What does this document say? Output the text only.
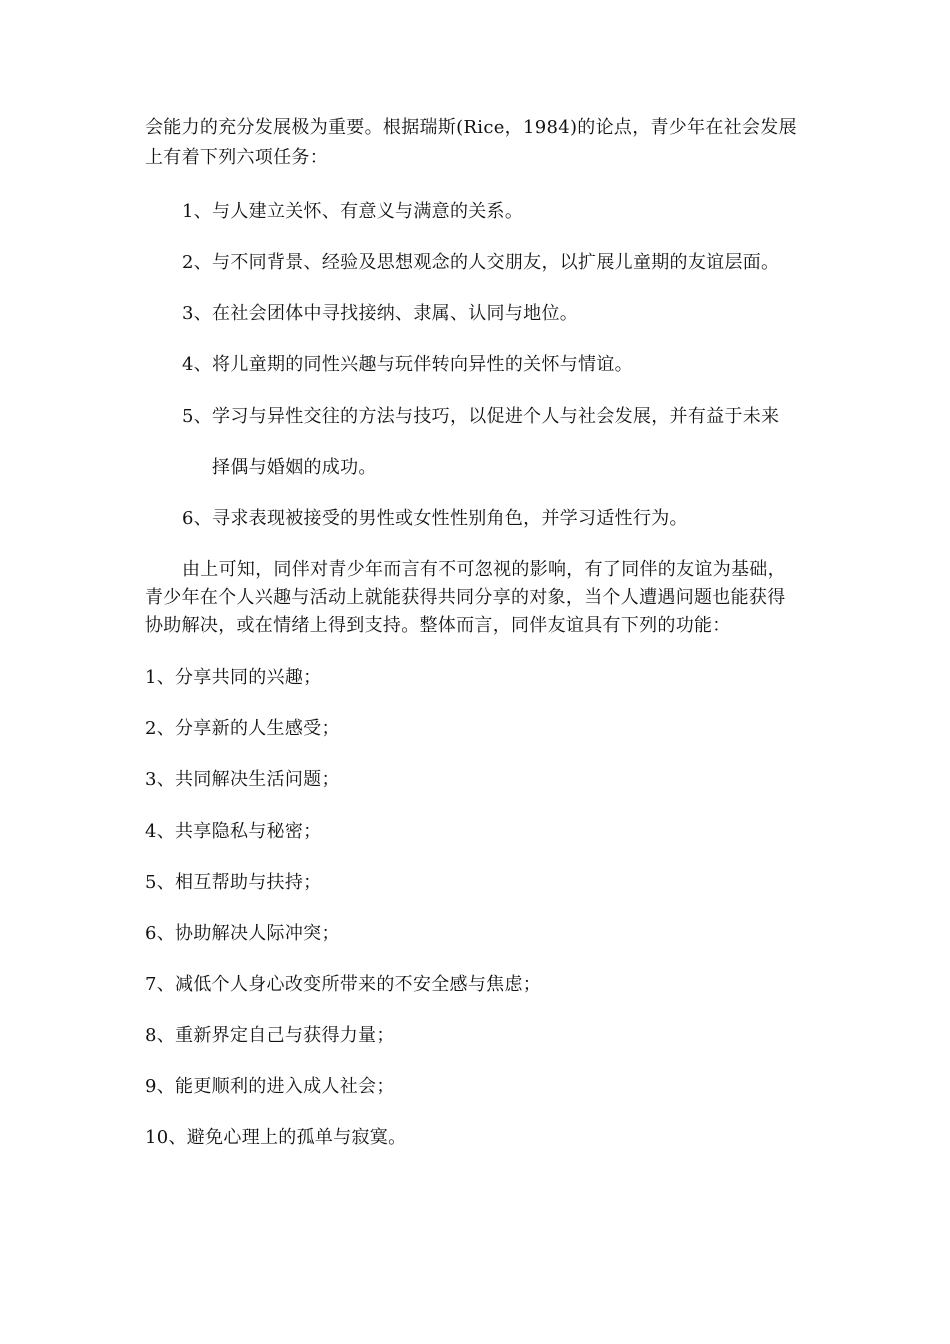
会能力的充分发展极为重要。根据瑞斯(Rice，1984)的论点，青少年在社会发展

上有着下列六项任务：

1、与人建立关怀、有意义与满意的关系。

2、与不同背景、经验及思想观念的人交朋友，以扩展儿童期的友谊层面。

3、在社会团体中寻找接纳、隶属、认同与地位。

4、将儿童期的同性兴趣与玩伴转向异性的关怀与情谊。

5、学习与异性交往的方法与技巧，以促进个人与社会发展，并有益于未来

择偶与婚姻的成功。

6、寻求表现被接受的男性或女性性别角色，并学习适性行为。

由上可知，同伴对青少年而言有不可忽视的影响，有了同伴的友谊为基础，

青少年在个人兴趣与活动上就能获得共同分享的对象，当个人遭遇问题也能获得

协助解决，或在情绪上得到支持。整体而言，同伴友谊具有下列的功能：

1、分享共同的兴趣；

2、分享新的人生感受；

3、共同解决生活问题；

4、共享隐私与秘密；

5、相互帮助与扶持；

6、协助解决人际冲突；

7、减低个人身心改变所带来的不安全感与焦虑；

8、重新界定自己与获得力量；

9、能更顺利的进入成人社会；

10、避免心理上的孤单与寂寞。
